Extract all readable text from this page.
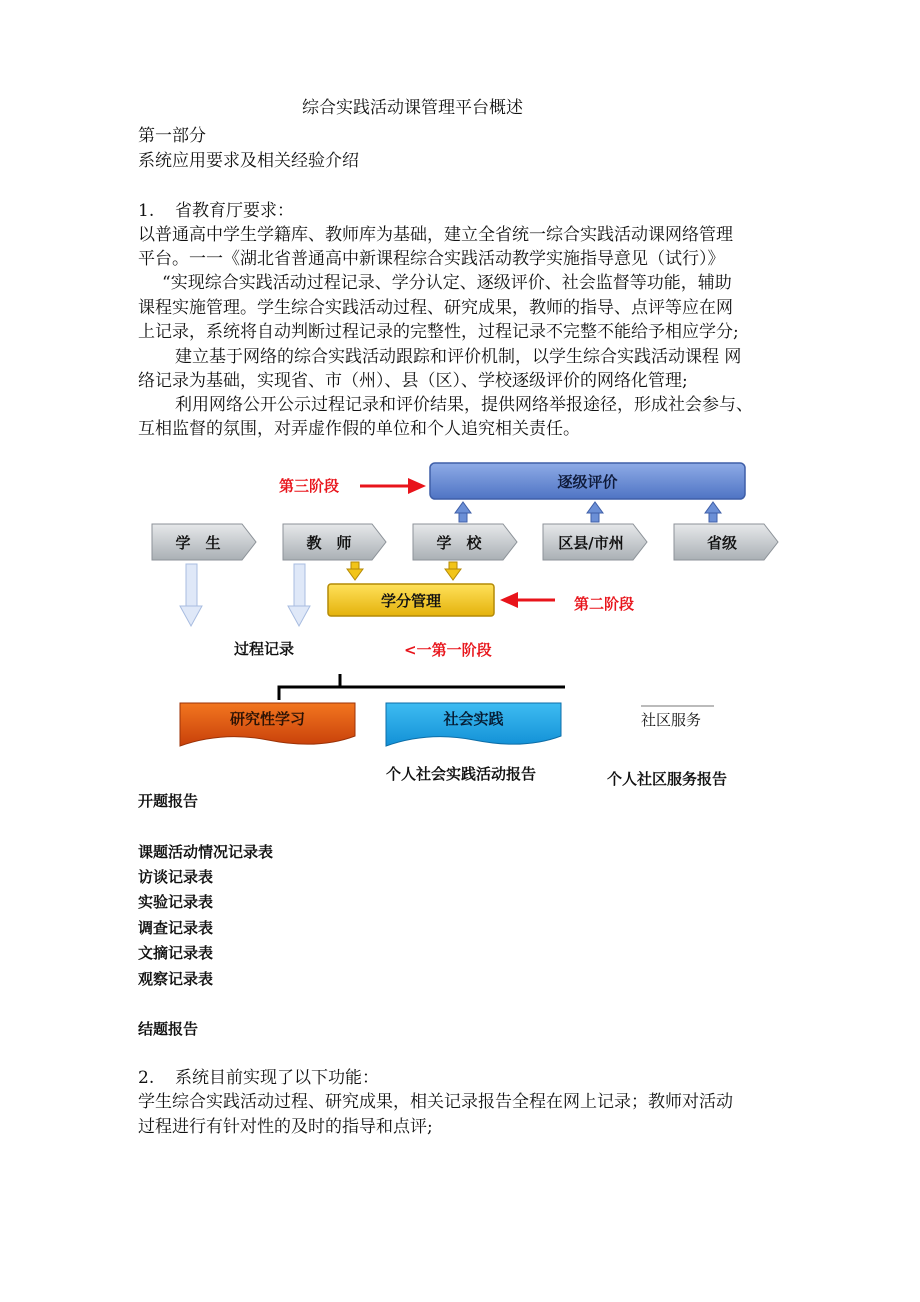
综合实践活动课管理平台概述
第一部分
系统应用要求及相关经验介绍
1. 省教育厅要求：
以普通高中学生学籍库、教师库为基础，建立全省统一综合实践活动课网络管理
平台。一一《湖北省普通高中新课程综合实践活动教学实施指导意见（试行）》
“实现综合实践活动过程记录、学分认定、逐级评价、社会监督等功能，辅助
课程实施管理。学生综合实践活动过程、研究成果，教师的指导、点评等应在网
上记录，系统将自动判断过程记录的完整性，过程记录不完整不能给予相应学分;
建立基于网络的综合实践活动跟踪和评价机制，以学生综合实践活动课程 网
络记录为基础，实现省、市（州）、县（区）、学校逐级评价的网络化管理;
利用网络公开公示过程记录和评价结果，提供网络举报途径，形成社会参与、
互相监督的氛围，对弄虚作假的单位和个人追究相关责任。
逐级评价
第三阶段
学　生	教　师	学　校	区县/市州	省级
学分管理	第二阶段
过程记录	<一第一阶段
研究性学习	社会实践	社区服务
个人社会实践活动报告	个人社区服务报告
开题报告
课题活动情况记录表
访谈记录表
实验记录表
调查记录表
文摘记录表
观察记录表
结题报告
2. 系统目前实现了以下功能：
学生综合实践活动过程、研究成果，相关记录报告全程在网上记录；教师对活动
过程进行有针对性的及时的指导和点评;
